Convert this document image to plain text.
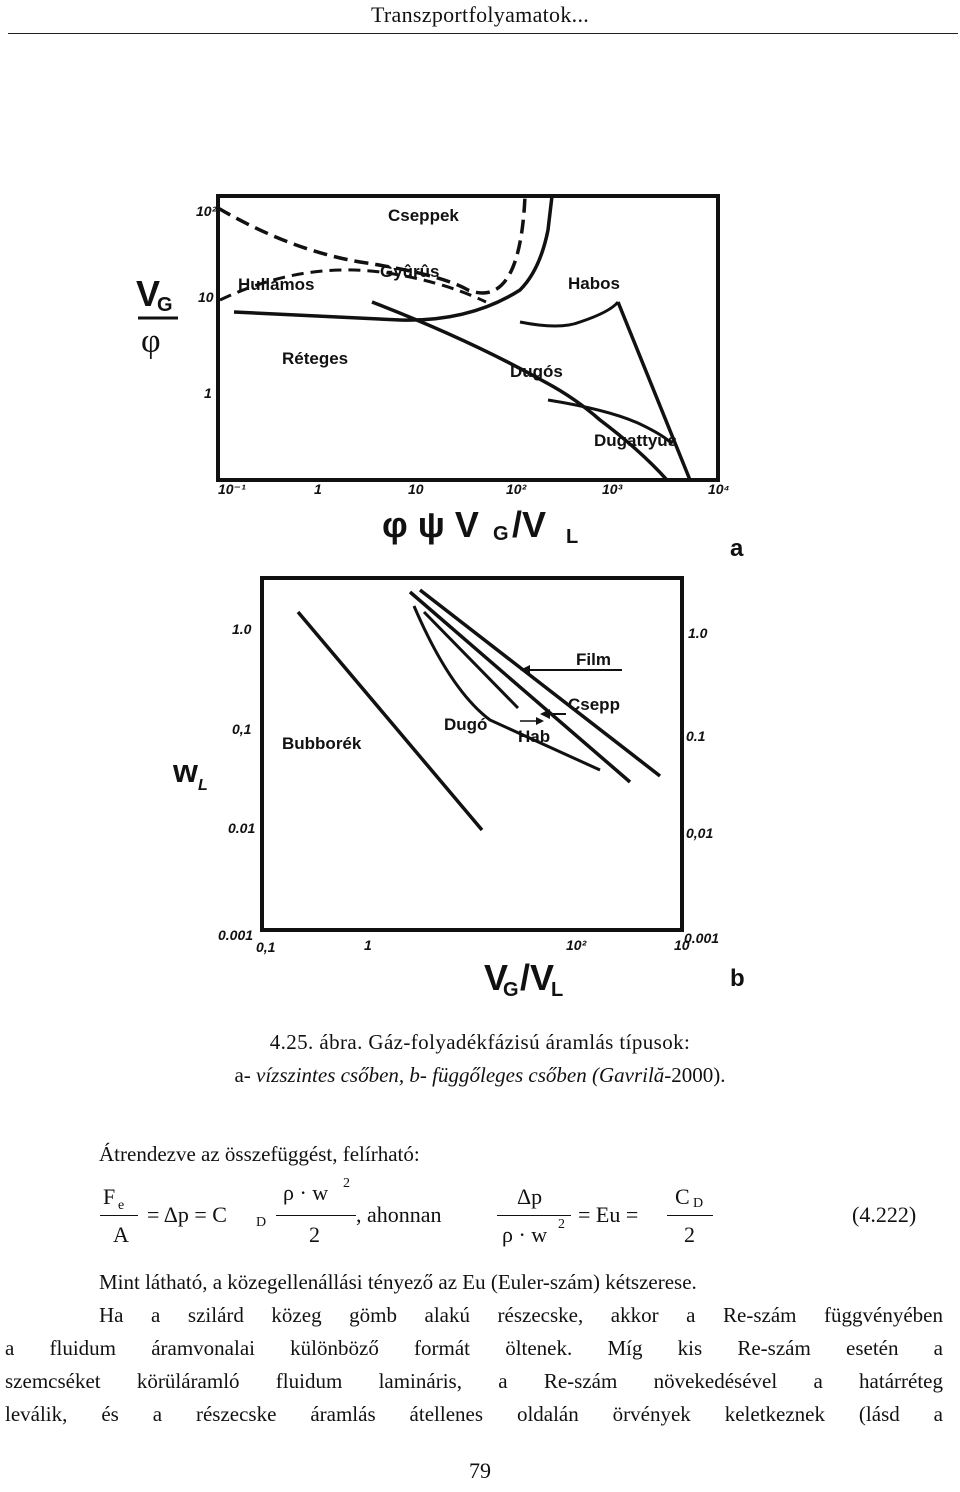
Transzportfolyamatok...
10²
10
1
10⁻¹	1	10	10²	10³	10⁴
Cseppek
Gyûrûs
Hullámos	Habos
Réteges
Dugós
Dugattyus
V
G
φ
φ ψ V G /V L	a
1.0
0,1
0.01
0.001
1.0
0.1
0,01
0.001
0,1	1	10²	10
Film
Csepp
Dugó
Hab
Bubborék
w L
V
G /V
L	b
4.25. ábra. Gáz-folyadékfázisú áramlás típusok:
a- vízszintes csőben, b- függőleges csőben (Gavrilă-2000).
Átrendezve az összefüggést, felírható:
F e
A
= Δp = C D
ρ · w 2
2
, ahonnan
Δp
ρ · w 2 = Eu =
C D
2
(4.222)
Mint látható, a közegellenállási tényező az Eu (Euler-szám) kétszerese.
Ha a szilárd közeg gömb alakú részecske, akkor a Re-szám függvényében
a fluidum áramvonalai különböző formát öltenek. Míg kis Re-szám esetén a
szemcséket körüláramló fluidum lamináris, a Re-szám növekedésével a határréteg
leválik, és a részecske áramlás átellenes oldalán örvények keletkeznek (lásd a
79
